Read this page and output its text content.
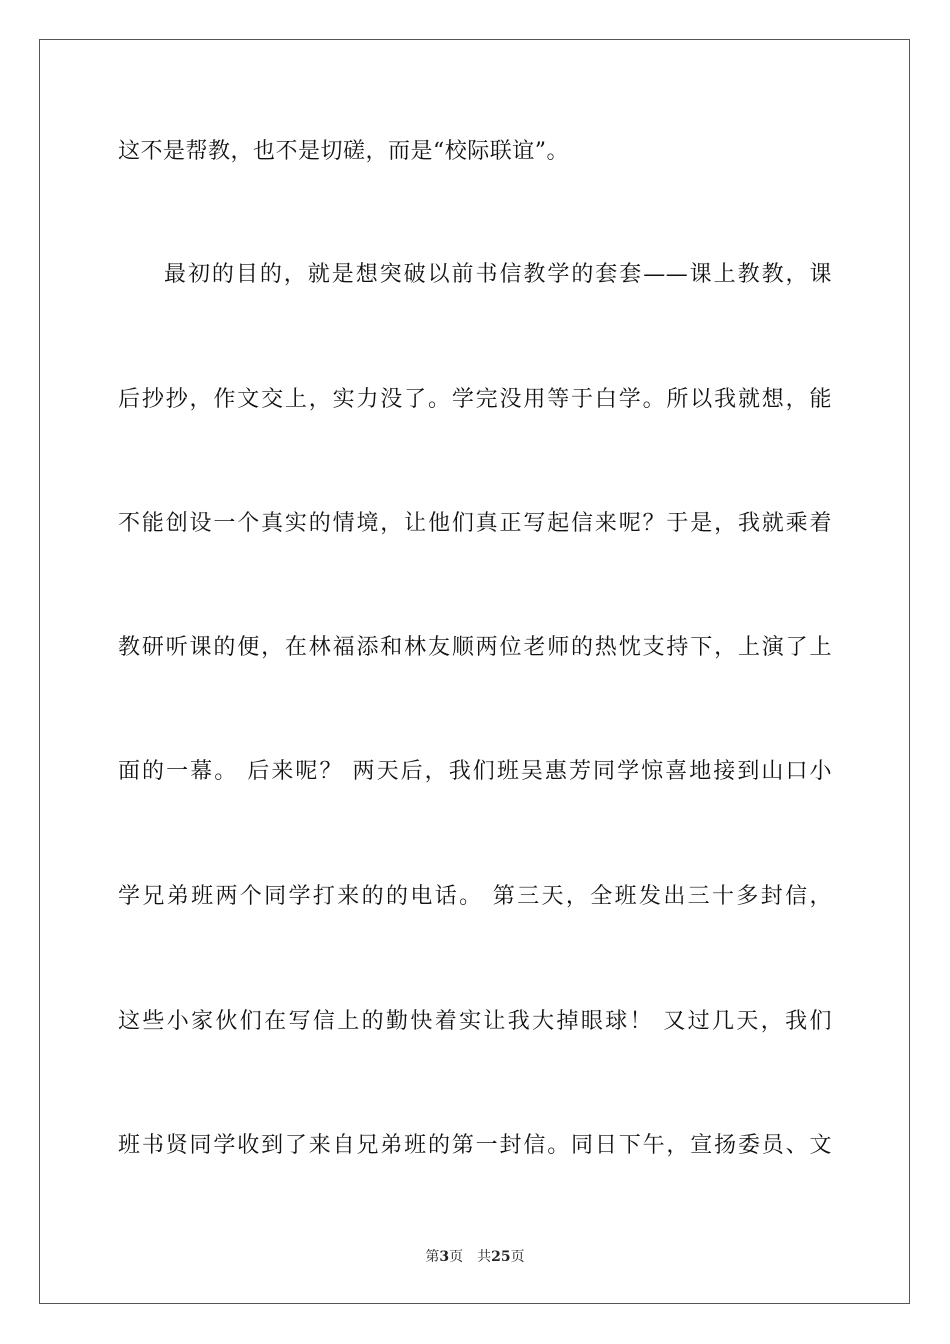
这不是帮教，也不是切磋，而是“校际联谊”。
最初的目的，就是想突破以前书信教学的套套——课上教教，课
后抄抄，作文交上，实力没了。学完没用等于白学。所以我就想，能
不能创设一个真实的情境，让他们真正写起信来呢？于是，我就乘着
教研听课的便，在林福添和林友顺两位老师的热忱支持下，上演了上
面的一幕。 后来呢？ 两天后，我们班吴惠芳同学惊喜地接到山口小
学兄弟班两个同学打来的的电话。 第三天，全班发出三十多封信，
这些小家伙们在写信上的勤快着实让我大掉眼球！ 又过几天，我们
班书贤同学收到了来自兄弟班的第一封信。同日下午，宣扬委员、文
第3页 共25页
